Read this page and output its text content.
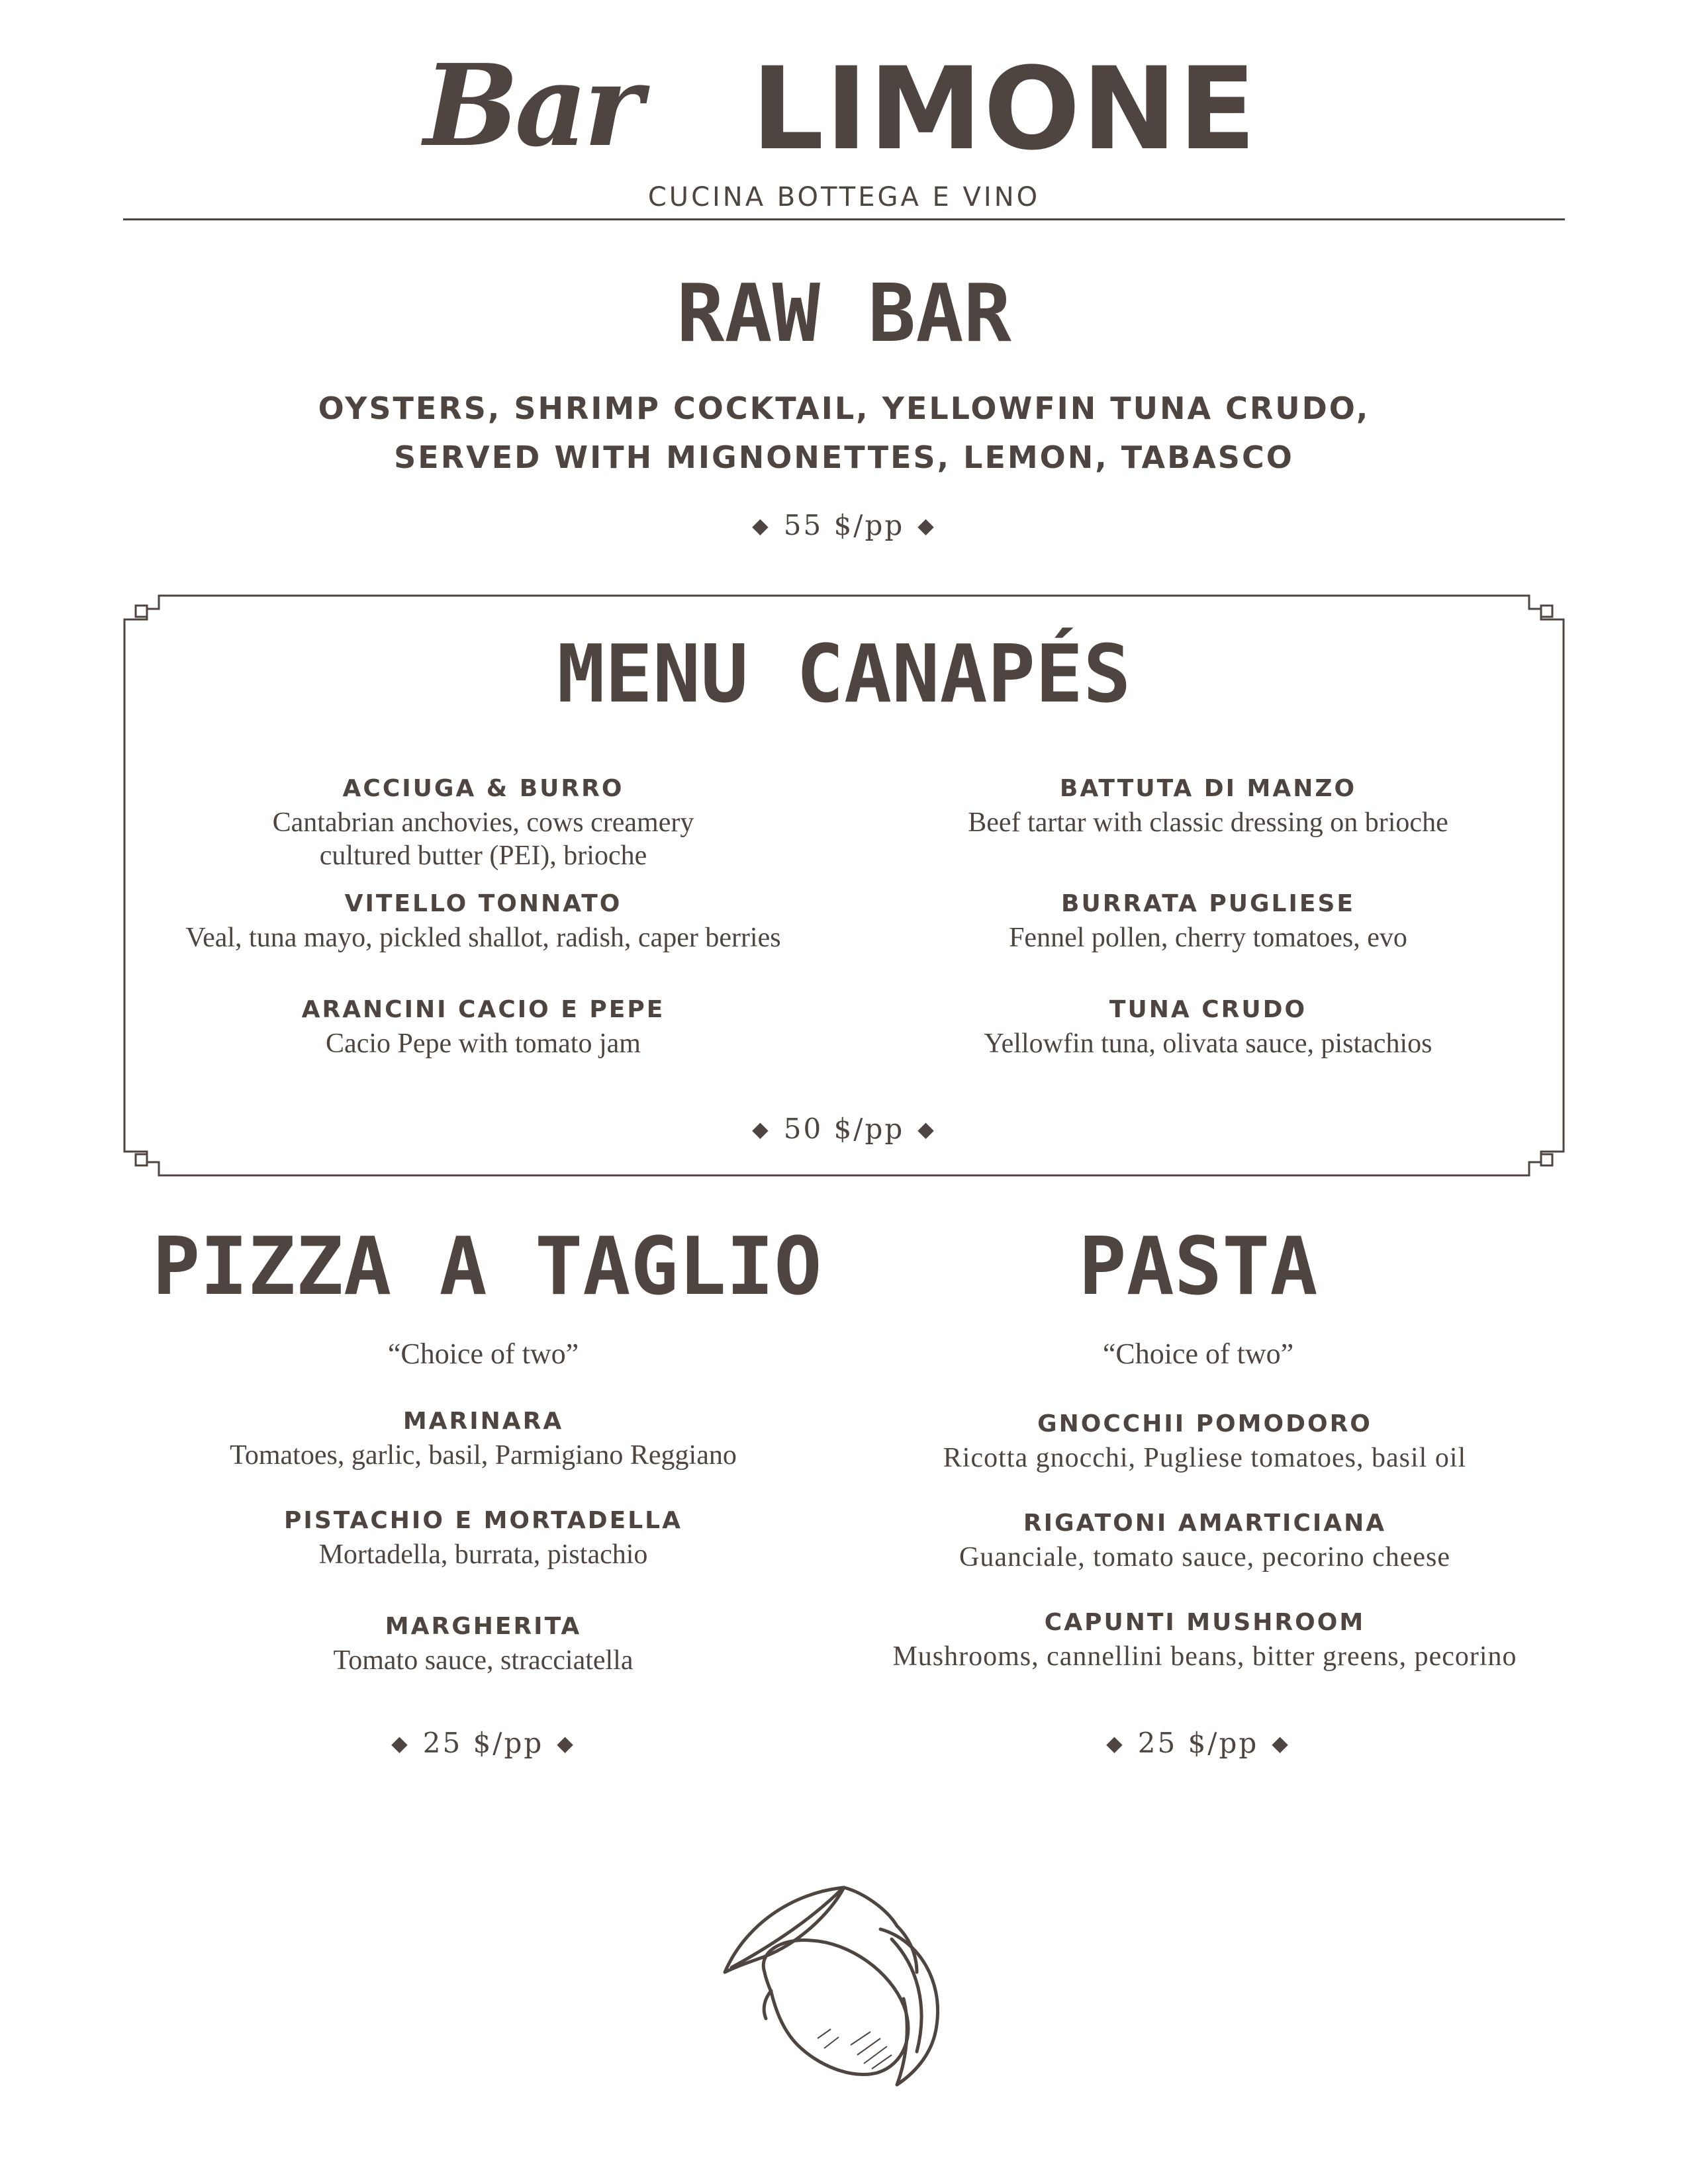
Bar LIMONE
CUCINA BOTTEGA E VINO
RAW BAR
OYSTERS, SHRIMP COCKTAIL, YELLOWFIN TUNA CRUDO,
SERVED WITH MIGNONETTES, LEMON, TABASCO
◆ 55 $/pp ◆
MENU CANAPÉS
ACCIUGA & BURRO
Cantabrian anchovies, cows creamery
cultured butter (PEI), brioche
BATTUTA DI MANZO
Beef tartar with classic dressing on brioche
VITELLO TONNATO
Veal, tuna mayo, pickled shallot, radish, caper berries
BURRATA PUGLIESE
Fennel pollen, cherry tomatoes, evo
ARANCINI CACIO E PEPE
Cacio Pepe with tomato jam
TUNA CRUDO
Yellowfin tuna, olivata sauce, pistachios
◆ 50 $/pp ◆
PIZZA A TAGLIO
“Choice of two”
MARINARA
Tomatoes, garlic, basil, Parmigiano Reggiano
PISTACHIO E MORTADELLA
Mortadella, burrata, pistachio
MARGHERITA
Tomato sauce, stracciatella
◆ 25 $/pp ◆
PASTA
“Choice of two”
GNOCCHII POMODORO
Ricotta gnocchi, Pugliese tomatoes, basil oil
RIGATONI AMARTICIANA
Guanciale, tomato sauce, pecorino cheese
CAPUNTI MUSHROOM
Mushrooms, cannellini beans, bitter greens, pecorino
◆ 25 $/pp ◆
